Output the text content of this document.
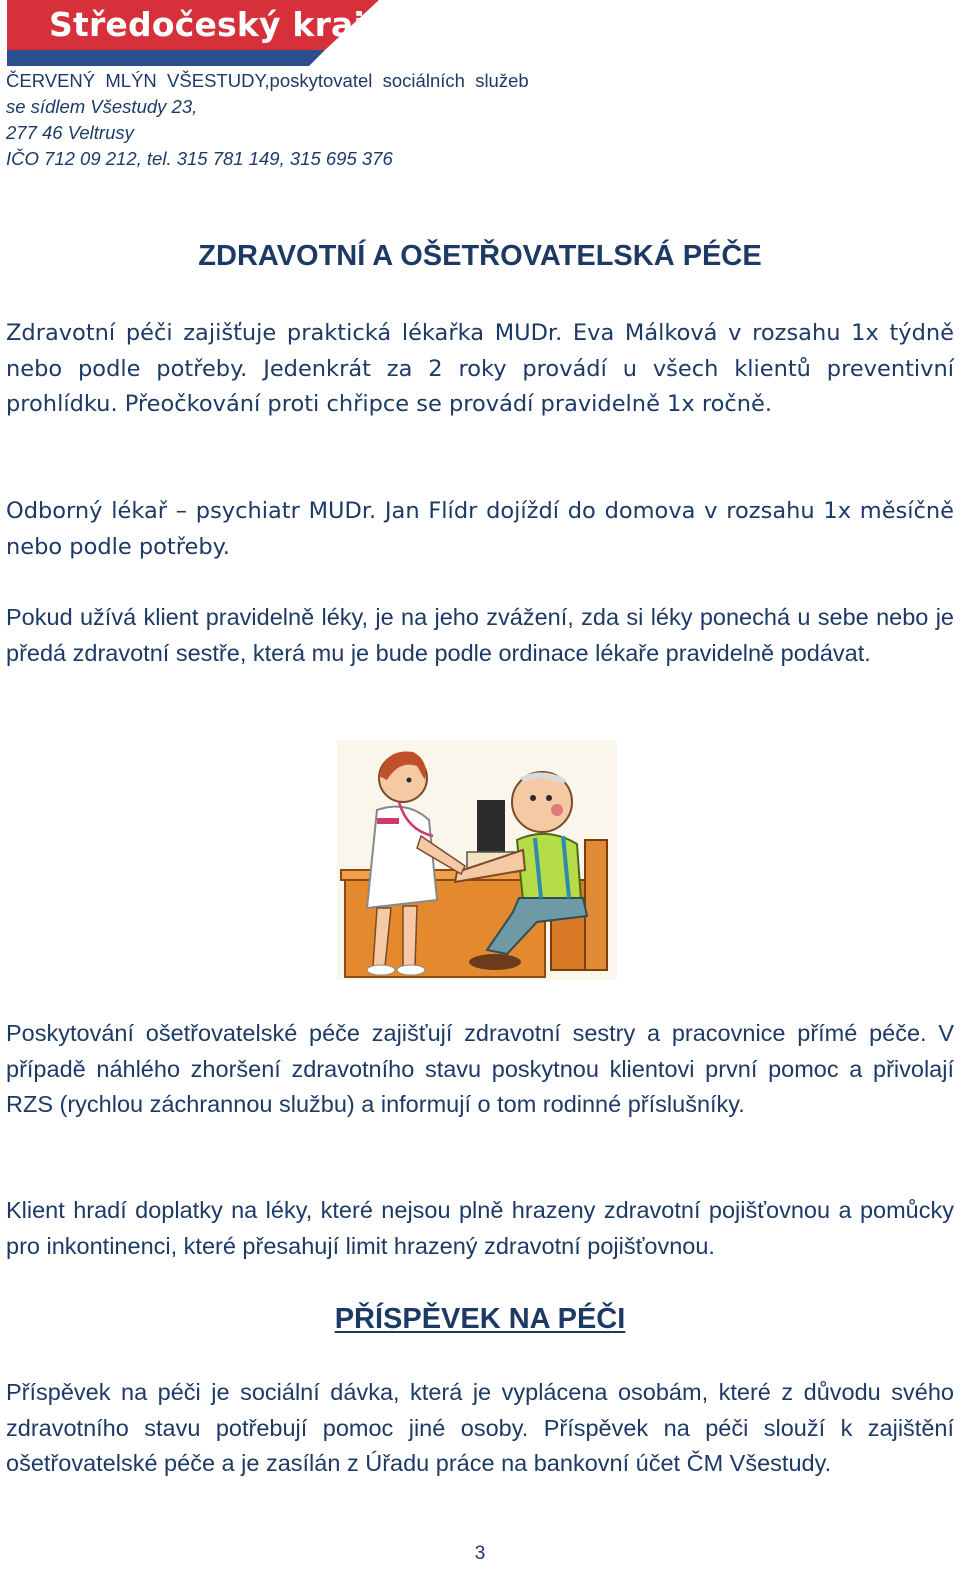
Středočeský kraj
ČERVENÝ  MLÝN  VŠESTUDY,poskytovatel  sociálních  služeb
se sídlem Všestudy 23,
277 46 Veltrusy
IČO 712 09 212, tel. 315 781 149, 315 695 376
ZDRAVOTNÍ A OŠETŘOVATELSKÁ PÉČE

Zdravotní péči zajišťuje praktická lékařka MUDr. Eva Málková v rozsahu 1x týdně nebo podle potřeby. Jedenkrát za 2 roky provádí u všech klientů preventivní prohlídku. Přeočkování proti chřipce se provádí pravidelně 1x ročně.

Odborný lékař – psychiatr MUDr. Jan Flídr dojíždí do domova v rozsahu 1x měsíčně nebo podle potřeby.

Pokud užívá klient pravidelně léky, je na jeho zvážení, zda si léky ponechá u sebe nebo je předá zdravotní sestře, která mu je bude podle ordinace lékaře pravidelně podávat.

Poskytování ošetřovatelské péče zajišťují zdravotní sestry a pracovnice přímé péče. V případě náhlého zhoršení zdravotního stavu poskytnou klientovi první pomoc a přivolají RZS (rychlou záchrannou službu) a informují o tom rodinné příslušníky.

Klient hradí doplatky na léky, které nejsou plně hrazeny zdravotní pojišťovnou a pomůcky pro inkontinenci, které přesahují limit hrazený zdravotní pojišťovnou.

PŘÍSPĚVEK NA PÉČI

Příspěvek na péči je sociální dávka, která je vyplácena osobám, které z důvodu svého zdravotního stavu potřebují pomoc jiné osoby. Příspěvek na péči slouží k zajištění ošetřovatelské péče a je zasílán z Úřadu práce na bankovní účet ČM Všestudy.

3
